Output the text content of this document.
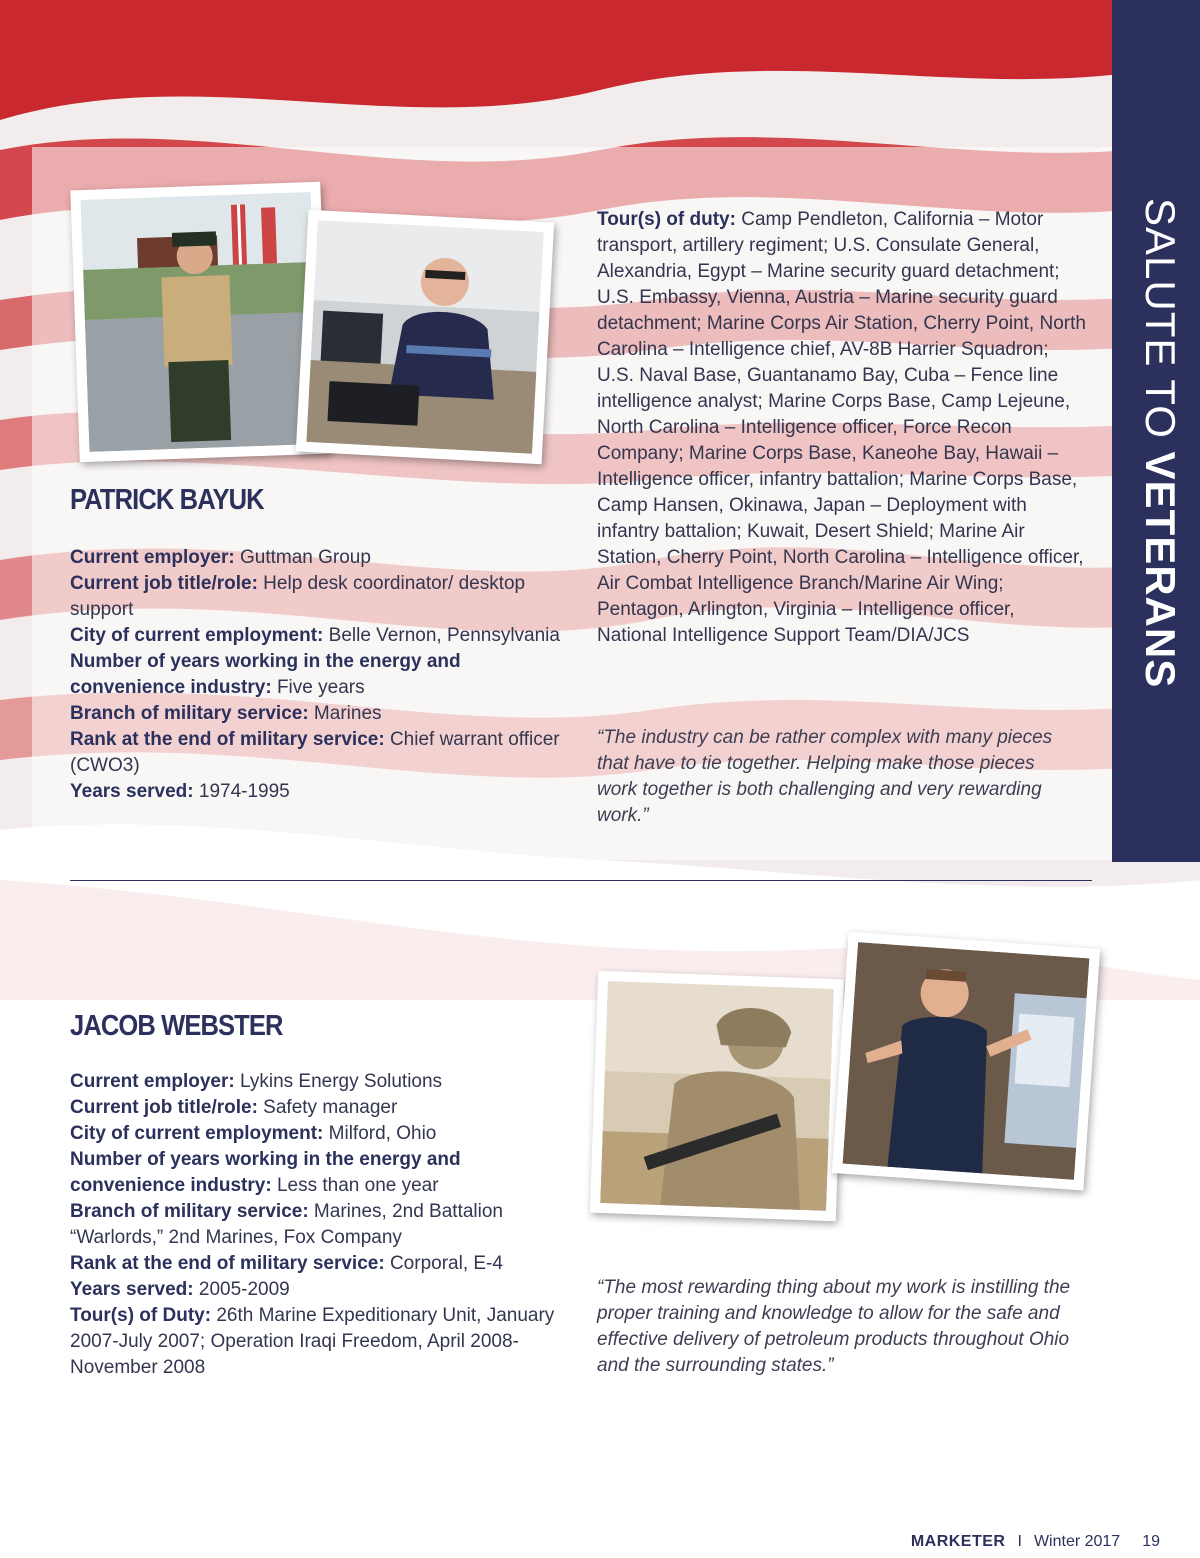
SALUTE TO VETERANS
PATRICK BAYUK
Current employer: Guttman Group
Current job title/role: Help desk coordinator/ desktop support
City of current employment: Belle Vernon, Pennsylvania
Number of years working in the energy and convenience industry: Five years
Branch of military service: Marines
Rank at the end of military service: Chief warrant officer (CWO3)
Years served: 1974-1995

Tour(s) of duty: Camp Pendleton, California – Motor transport, artillery regiment; U.S. Consulate General, Alexandria, Egypt – Marine security guard detachment; U.S. Embassy, Vienna, Austria – Marine security guard detachment; Marine Corps Air Station, Cherry Point, North Carolina – Intelligence chief, AV-8B Harrier Squadron; U.S. Naval Base, Guantanamo Bay, Cuba – Fence line intelligence analyst; Marine Corps Base, Camp Lejeune, North Carolina – Intelligence officer, Force Recon Company; Marine Corps Base, Kaneohe Bay, Hawaii – Intelligence officer, infantry battalion; Marine Corps Base, Camp Hansen, Okinawa, Japan – Deployment with infantry battalion; Kuwait, Desert Shield; Marine Air Station, Cherry Point, North Carolina – Intelligence officer, Air Combat Intelligence Branch/Marine Air Wing; Pentagon, Arlington, Virginia – Intelligence officer, National Intelligence Support Team/DIA/JCS

“The industry can be rather complex with many pieces that have to tie together. Helping make those pieces work together is both challenging and very rewarding work.”

JACOB WEBSTER
Current employer: Lykins Energy Solutions
Current job title/role: Safety manager
City of current employment: Milford, Ohio
Number of years working in the energy and convenience industry: Less than one year
Branch of military service: Marines, 2nd Battalion “Warlords,” 2nd Marines, Fox Company
Rank at the end of military service: Corporal, E-4
Years served: 2005-2009
Tour(s) of Duty: 26th Marine Expeditionary Unit, January 2007-July 2007; Operation Iraqi Freedom, April 2008-November 2008

“The most rewarding thing about my work is instilling the proper training and knowledge to allow for the safe and effective delivery of petroleum products throughout Ohio and the surrounding states.”

MARKETER I Winter 2017 19
